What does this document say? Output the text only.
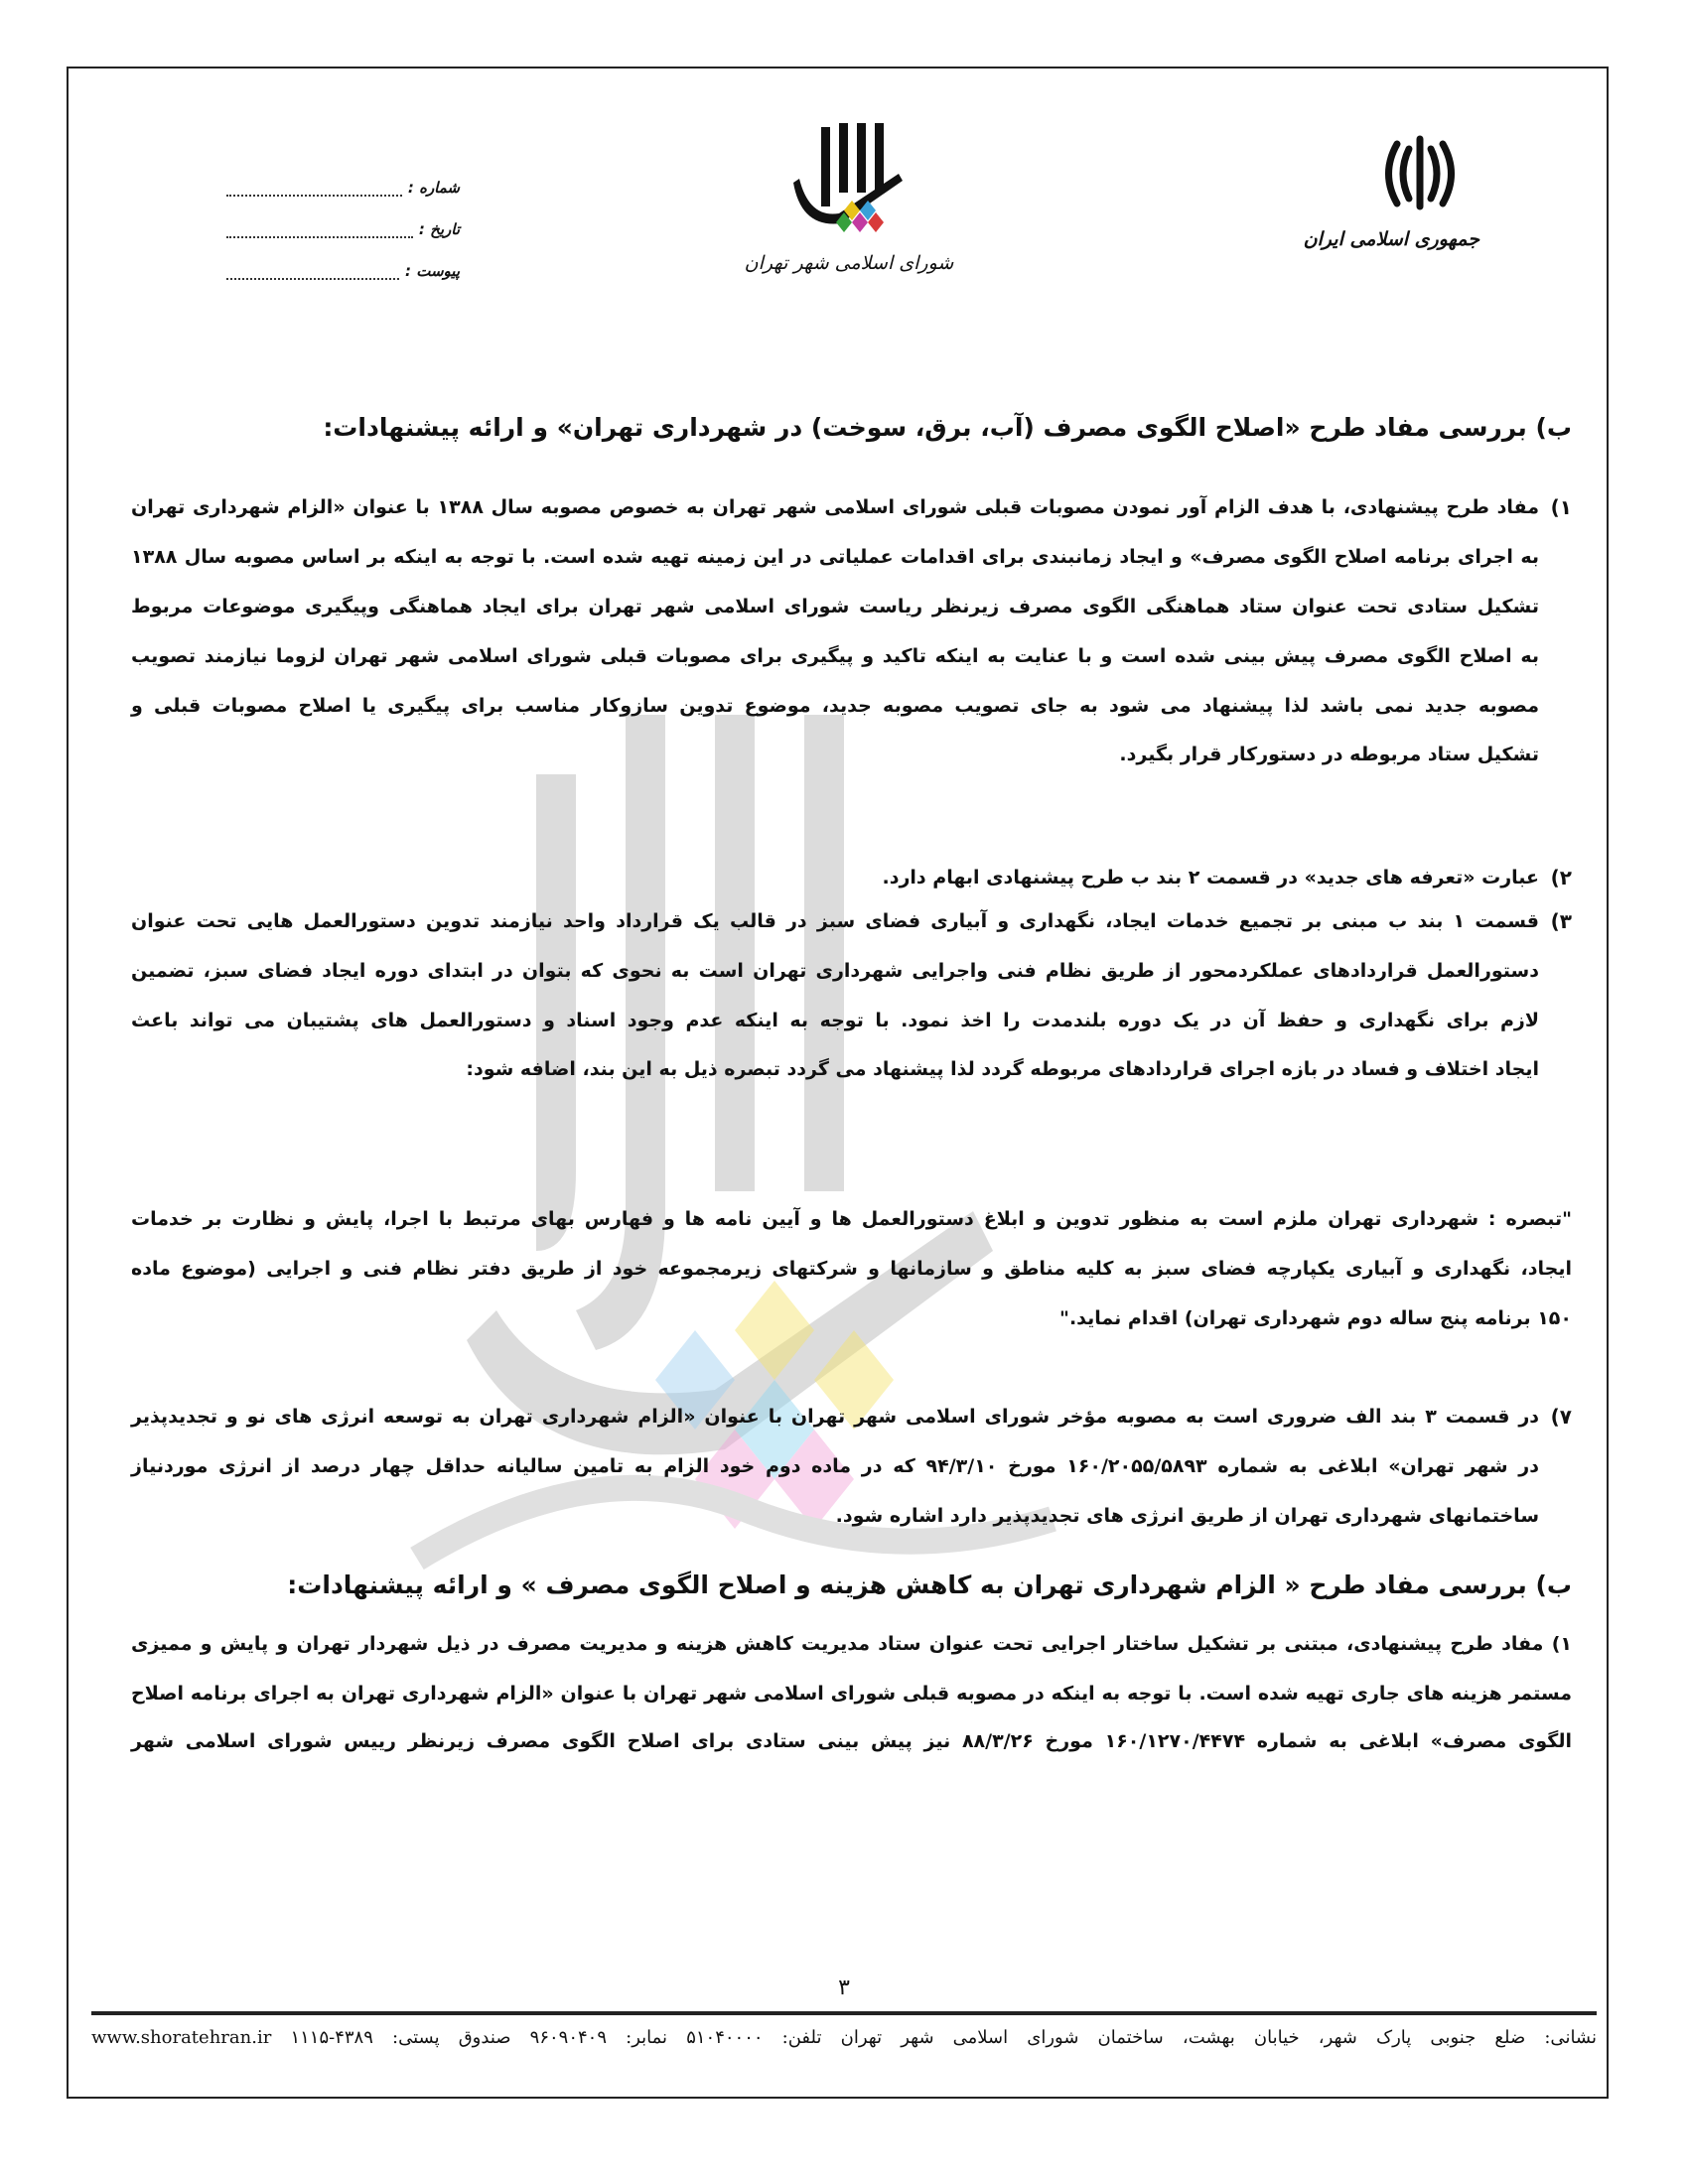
جمهوری اسلامی ایران
شورای اسلامی شهر تهران
شماره :
تاریخ :
پیوست :
ب) بررسی مفاد طرح «اصلاح الگوی مصرف (آب، برق، سوخت) در شهرداری تهران» و ارائه پیشنهادات:
۱)
مفاد طرح پیشنهادی، با هدف الزام آور نمودن مصوبات قبلی شورای اسلامی شهر تهران به خصوص مصوبه سال ۱۳۸۸ با عنوان «الزام شهرداری تهران
به اجرای برنامه اصلاح الگوی مصرف» و ایجاد زمانبندی برای اقدامات عملیاتی در این زمینه تهیه شده است. با توجه به اینکه بر اساس مصوبه سال ۱۳۸۸
تشکیل ستادی تحت عنوان ستاد هماهنگی الگوی مصرف زیرنظر ریاست شورای اسلامی شهر تهران برای ایجاد هماهنگی وپیگیری موضوعات مربوط
به اصلاح الگوی مصرف پیش بینی شده است و با عنایت به اینکه تاکید و پیگیری برای مصوبات قبلی شورای اسلامی شهر تهران لزوما نیازمند تصویب
مصوبه جدید نمی باشد لذا پیشنهاد می شود به جای تصویب مصوبه جدید، موضوع تدوین سازوکار مناسب برای پیگیری یا اصلاح مصوبات قبلی و
تشکیل ستاد مربوطه در دستورکار قرار بگیرد.
۲)
عبارت «تعرفه های جدید» در قسمت ۲ بند ب طرح پیشنهادی ابهام دارد.
۳)
قسمت ۱ بند ب مبنی بر تجمیع خدمات ایجاد، نگهداری و آبیاری فضای سبز در قالب یک قرارداد واحد نیازمند تدوین دستورالعمل هایی تحت عنوان
دستورالعمل قراردادهای عملکردمحور از طریق نظام فنی واجرایی شهرداری تهران است به نحوی که بتوان در ابتدای دوره ایجاد فضای سبز، تضمین
لازم برای نگهداری و حفظ آن در یک دوره بلندمدت را اخذ نمود. با توجه به اینکه عدم وجود اسناد و دستورالعمل های پشتیبان می تواند باعث
ایجاد اختلاف و فساد در بازه اجرای قراردادهای مربوطه گردد لذا پیشنهاد می گردد تبصره ذیل به این بند، اضافه شود:
"تبصره : شهرداری تهران ملزم است به منظور تدوین و ابلاغ دستورالعمل ها و آیین نامه ها و فهارس بهای مرتبط با اجرا، پایش و نظارت بر خدمات
ایجاد، نگهداری و آبیاری یکپارچه فضای سبز به کلیه مناطق و سازمانها و شرکتهای زیرمجموعه خود از طریق دفتر نظام فنی و اجرایی (موضوع ماده
۱۵۰ برنامه پنج ساله دوم شهرداری تهران) اقدام نماید."
۷)
در قسمت ۳ بند الف ضروری است به مصوبه مؤخر شورای اسلامی شهر تهران با عنوان «الزام شهرداری تهران به توسعه انرژی های نو و تجدیدپذیر
در شهر تهران» ابلاغی به شماره ۱۶۰/۲۰۵۵/۵۸۹۳ مورخ ۹۴/۳/۱۰ که در ماده دوم خود الزام به تامین سالیانه حداقل چهار درصد از انرژی موردنیاز
ساختمانهای شهرداری تهران از طریق انرژی های تجدیدپذیر دارد اشاره شود.
ب) بررسی مفاد طرح « الزام شهرداری تهران به کاهش هزینه و اصلاح الگوی مصرف » و ارائه پیشنهادات:
۱) مفاد طرح پیشنهادی، مبتنی بر تشکیل ساختار اجرایی تحت عنوان ستاد مدیریت کاهش هزینه و مدیریت مصرف در ذیل شهردار تهران و پایش و ممیزی
مستمر هزینه های جاری تهیه شده است. با توجه به اینکه در مصوبه قبلی شورای اسلامی شهر تهران با عنوان «الزام شهرداری تهران به اجرای برنامه اصلاح
الگوی مصرف» ابلاغی به شماره ۱۶۰/۱۲۷۰/۴۴۷۴ مورخ ۸۸/۳/۲۶ نیز پیش بینی ستادی برای اصلاح الگوی مصرف زیرنظر رییس شورای اسلامی شهر
۳
نشانی: ضلع جنوبی پارک شهر، خیابان بهشت، ساختمان شورای اسلامی شهر تهران تلفن: ۵۱۰۴۰۰۰۰ نمابر: ۹۶۰۹۰۴۰۹ صندوق پستی: ۴۳۸۹-۱۱۱۵ www.shoratehran.ir
